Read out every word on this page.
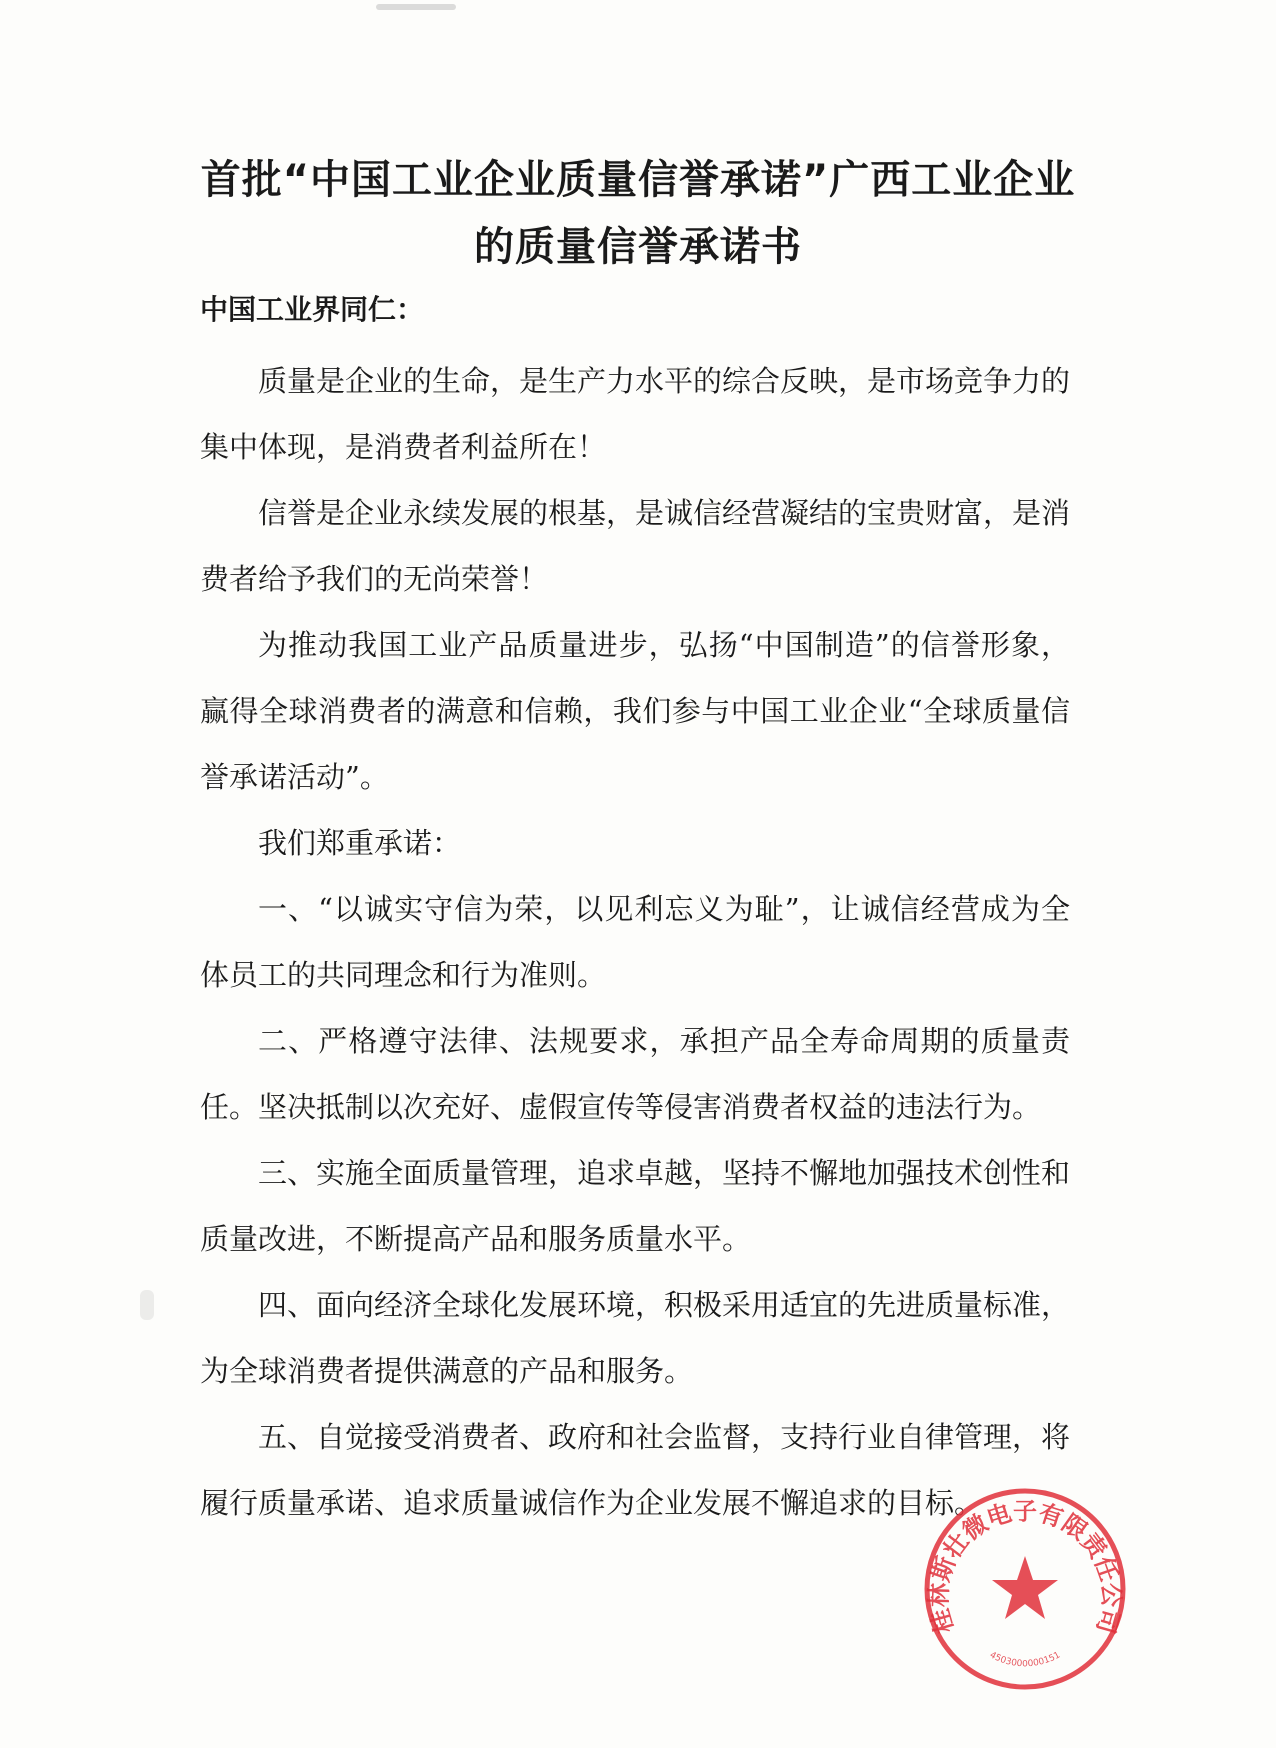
首批“中国工业企业质量信誉承诺”广西工业企业
的质量信誉承诺书

中国工业界同仁：

质量是企业的生命，是生产力水平的综合反映，是市场竞争力的集中体现，是消费者利益所在！

信誉是企业永续发展的根基，是诚信经营凝结的宝贵财富，是消费者给予我们的无尚荣誉！

为推动我国工业产品质量进步，弘扬“中国制造”的信誉形象，赢得全球消费者的满意和信赖，我们参与中国工业企业“全球质量信誉承诺活动”。

我们郑重承诺：

一、“以诚实守信为荣，以见利忘义为耻”，让诚信经营成为全体员工的共同理念和行为准则。

二、严格遵守法律、法规要求，承担产品全寿命周期的质量责任。坚决抵制以次充好、虚假宣传等侵害消费者权益的违法行为。

三、实施全面质量管理，追求卓越，坚持不懈地加强技术创性和质量改进，不断提高产品和服务质量水平。

四、面向经济全球化发展环境，积极采用适宜的先进质量标准，为全球消费者提供满意的产品和服务。

五、自觉接受消费者、政府和社会监督，支持行业自律管理，将履行质量承诺、追求质量诚信作为企业发展不懈追求的目标。

桂林斯壮微电子有限责任公司
4503000000151
